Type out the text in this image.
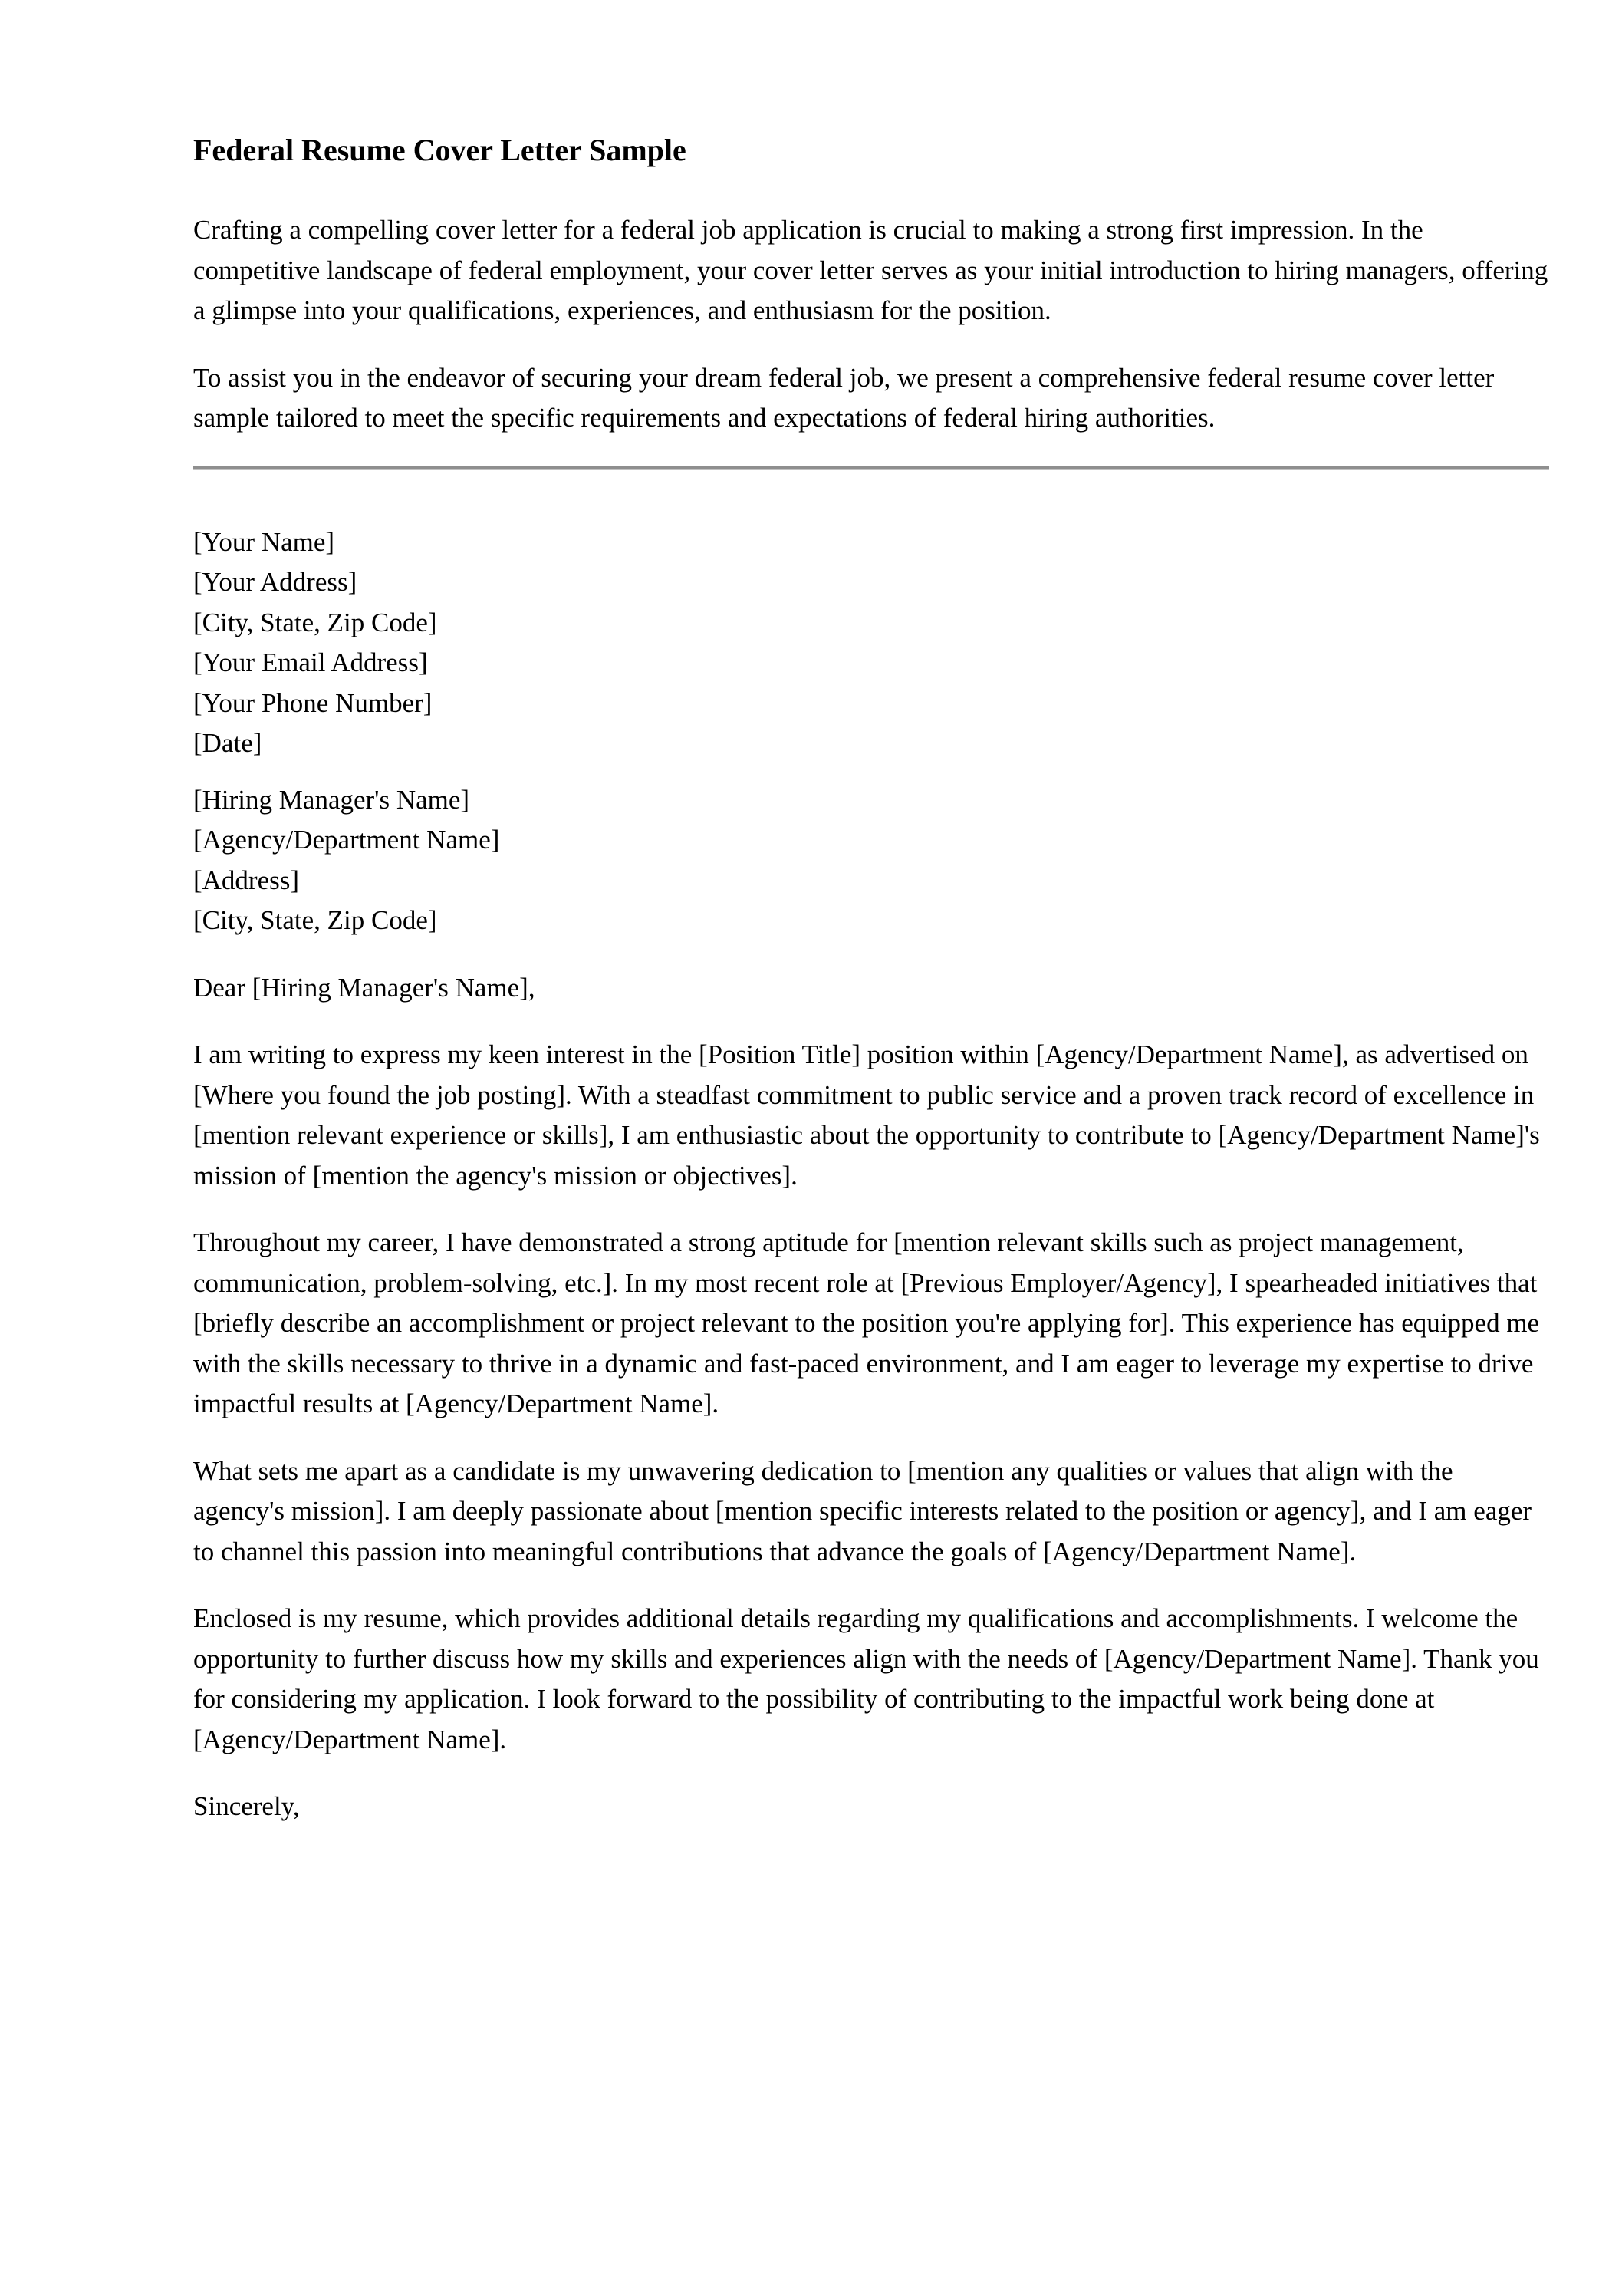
Federal Resume Cover Letter Sample

Crafting a compelling cover letter for a federal job application is crucial to making a strong first impression. In the competitive landscape of federal employment, your cover letter serves as your initial introduction to hiring managers, offering a glimpse into your qualifications, experiences, and enthusiasm for the position.

To assist you in the endeavor of securing your dream federal job, we present a comprehensive federal resume cover letter sample tailored to meet the specific requirements and expectations of federal hiring authorities.

[Your Name]
[Your Address]
[City, State, Zip Code]
[Your Email Address]
[Your Phone Number]
[Date]
[Hiring Manager's Name]
[Agency/Department Name]
[Address]
[City, State, Zip Code]

Dear [Hiring Manager's Name],

I am writing to express my keen interest in the [Position Title] position within [Agency/Department Name], as advertised on [Where you found the job posting]. With a steadfast commitment to public service and a proven track record of excellence in [mention relevant experience or skills], I am enthusiastic about the opportunity to contribute to [Agency/Department Name]'s mission of [mention the agency's mission or objectives].

Throughout my career, I have demonstrated a strong aptitude for [mention relevant skills such as project management, communication, problem-solving, etc.]. In my most recent role at [Previous Employer/Agency], I spearheaded initiatives that [briefly describe an accomplishment or project relevant to the position you're applying for]. This experience has equipped me with the skills necessary to thrive in a dynamic and fast-paced environment, and I am eager to leverage my expertise to drive impactful results at [Agency/Department Name].

What sets me apart as a candidate is my unwavering dedication to [mention any qualities or values that align with the agency's mission]. I am deeply passionate about [mention specific interests related to the position or agency], and I am eager to channel this passion into meaningful contributions that advance the goals of [Agency/Department Name].

Enclosed is my resume, which provides additional details regarding my qualifications and accomplishments. I welcome the opportunity to further discuss how my skills and experiences align with the needs of [Agency/Department Name]. Thank you for considering my application. I look forward to the possibility of contributing to the impactful work being done at [Agency/Department Name].

Sincerely,
